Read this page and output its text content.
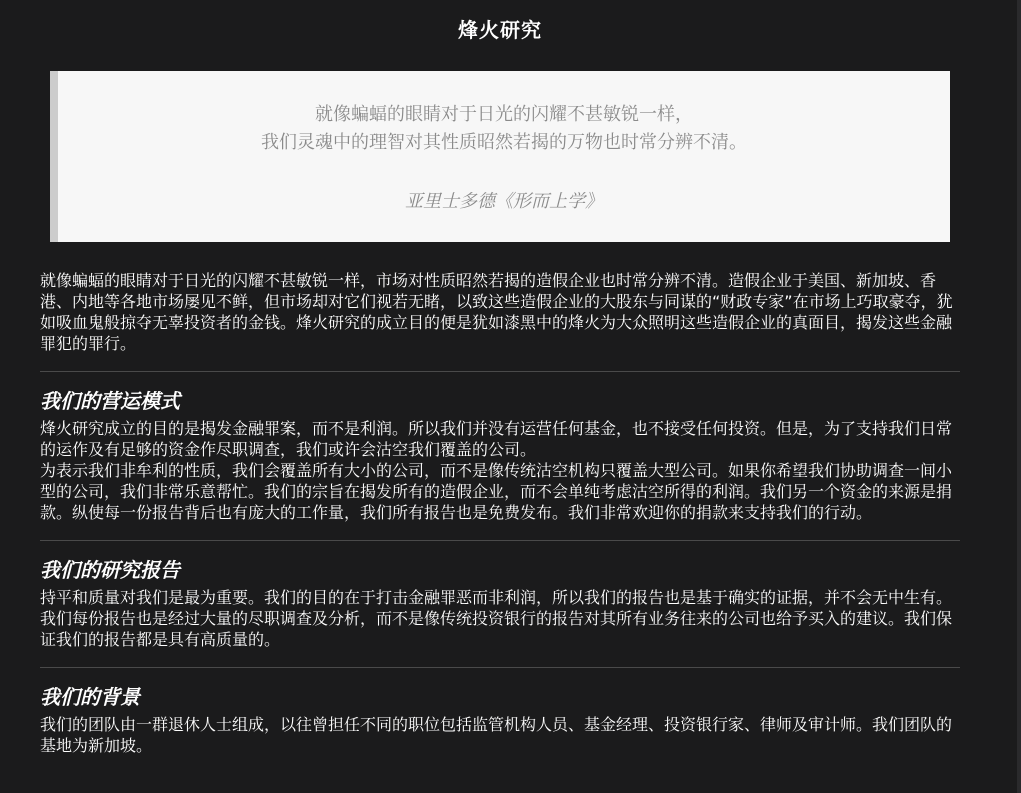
烽火研究
就像蝙蝠的眼睛对于日光的闪耀不甚敏锐一样，
我们灵魂中的理智对其性质昭然若揭的万物也时常分辨不清。
亚里士多德《形而上学》

就像蝙蝠的眼睛对于日光的闪耀不甚敏锐一样，市场对性质昭然若揭的造假企业也时常分辨不清。造假企业于美国、新加坡、香港、内地等各地市场屡见不鲜，但市场却对它们视若无睹，以致这些造假企业的大股东与同谋的“财政专家”在市场上巧取豪夺，犹如吸血鬼般掠夺无辜投资者的金钱。烽火研究的成立目的便是犹如漆黑中的烽火为大众照明这些造假企业的真面目，揭发这些金融罪犯的罪行。

我们的营运模式

烽火研究成立的目的是揭发金融罪案，而不是利润。所以我们并没有运营任何基金，也不接受任何投资。但是，为了支持我们日常的运作及有足够的资金作尽职调查，我们或许会沽空我们覆盖的公司。

为表示我们非牟利的性质，我们会覆盖所有大小的公司，而不是像传统沽空机构只覆盖大型公司。如果你希望我们协助调查一间小型的公司，我们非常乐意帮忙。我们的宗旨在揭发所有的造假企业，而不会单纯考虑沽空所得的利润。我们另一个资金的来源是捐款。纵使每一份报告背后也有庞大的工作量，我们所有报告也是免费发布。我们非常欢迎你的捐款来支持我们的行动。

我们的研究报告

持平和质量对我们是最为重要。我们的目的在于打击金融罪恶而非利润，所以我们的报告也是基于确实的证据，并不会无中生有。我们每份报告也是经过大量的尽职调查及分析，而不是像传统投资银行的报告对其所有业务往来的公司也给予买入的建议。我们保证我们的报告都是具有高质量的。

我们的背景

我们的团队由一群退休人士组成，以往曾担任不同的职位包括监管机构人员、基金经理、投资银行家、律师及审计师。我们团队的基地为新加坡。
